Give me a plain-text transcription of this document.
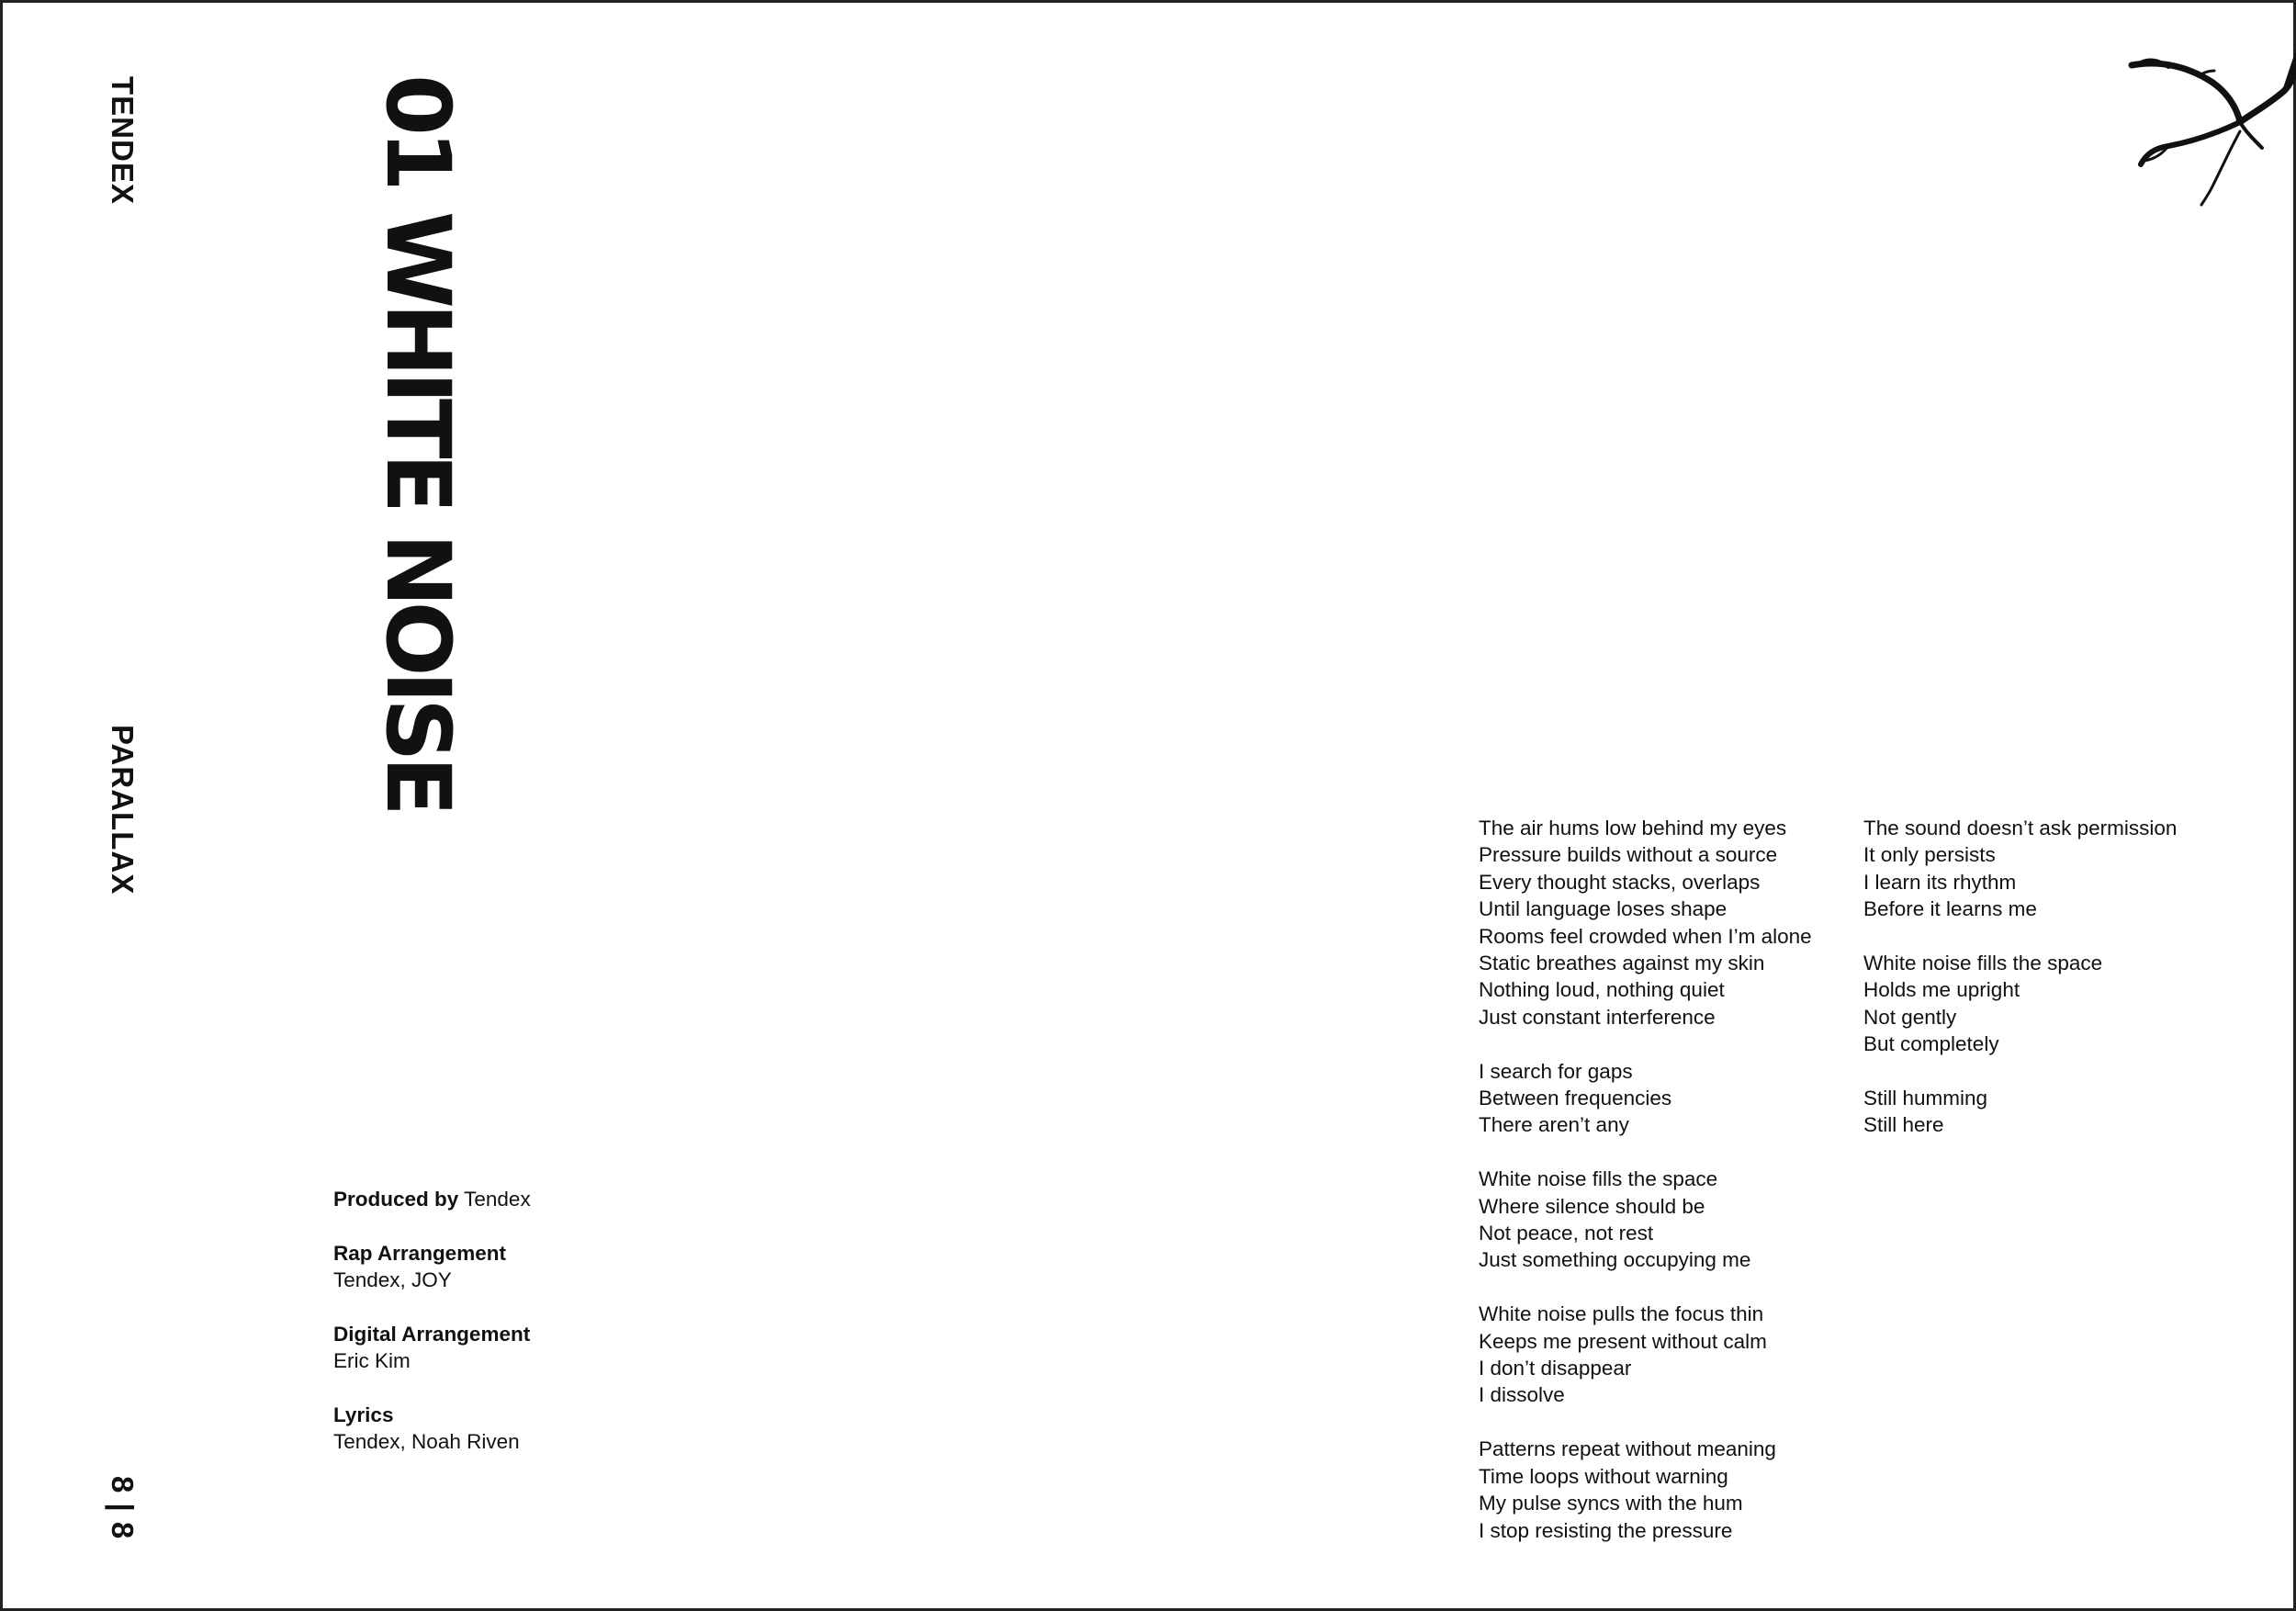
TENDEX
PARALLAX
8 | 8
01 WHITE NOISE
Produced by Tendex
Rap Arrangement
Tendex, JOY
Digital Arrangement
Eric Kim
Lyrics
Tendex, Noah Riven
The air hums low behind my eyes
Pressure builds without a source
Every thought stacks, overlaps
Until language loses shape
Rooms feel crowded when I’m alone
Static breathes against my skin
Nothing loud, nothing quiet
Just constant interference
I search for gaps
Between frequencies
There aren’t any
White noise fills the space
Where silence should be
Not peace, not rest
Just something occupying me
White noise pulls the focus thin
Keeps me present without calm
I don’t disappear
I dissolve
Patterns repeat without meaning
Time loops without warning
My pulse syncs with the hum
I stop resisting the pressure
The sound doesn’t ask permission
It only persists
I learn its rhythm
Before it learns me
White noise fills the space
Holds me upright
Not gently
But completely
Still humming
Still here
